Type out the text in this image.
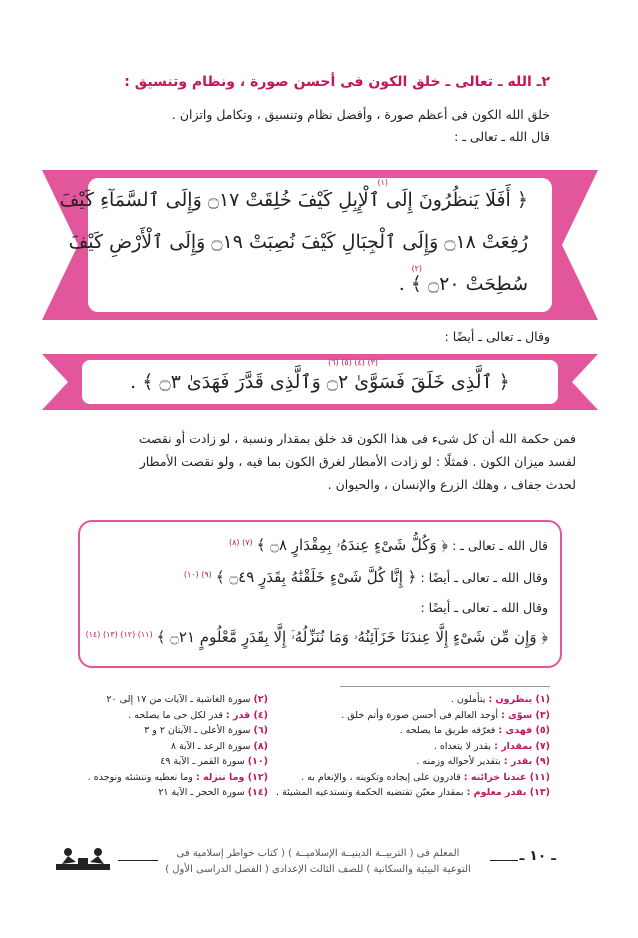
٢ـ الله ـ تعالى ـ خلق الكون فى أحسن صورة ، ونظام وتنسيق :
خلق الله الكون فى أعظم صورة ، وأفضل نظام وتنسيق ، وتكامل واتزان .
قال الله ـ تعالى ـ :
﴿ أَفَلَا يَنظُرُونَ إِلَى ٱلْإِبِلِ كَيْفَ خُلِقَتْ ۝١٧ وَإِلَى ٱلسَّمَآءِ كَيْفَ
رُفِعَتْ ۝١٨ وَإِلَى ٱلْجِبَالِ كَيْفَ نُصِبَتْ ۝١٩ وَإِلَى ٱلْأَرْضِ كَيْفَ
سُطِحَتْ ۝٢٠ ﴾ .
(١)
(٢)
وقال ـ تعالى ـ أيضًا :
﴿ ٱلَّذِى خَلَقَ فَسَوَّىٰ ۝٢ وَٱلَّذِى قَدَّرَ فَهَدَىٰ ۝٣ ﴾ .
(٣) (٤) (٥) (٦)
فمن حكمة الله أن كل شىء فى هذا الكون قد خلق بمقدار ونسبة ، لو زادت أو نقصت
لفسد ميزان الكون . فمثلًا : لو زادت الأمطار لغرق الكون بما فيه ، ولو نقصت الأمطار
لحدث جفاف ، وهلك الزرع والإنسان ، والحيوان .
قال الله ـ تعالى ـ : ﴿ وَكُلُّ شَىْءٍ عِندَهُۥ بِمِقْدَارٍ ۝٨ ﴾ $^{(٧) (٨)}$
وقال الله ـ تعالى ـ أيضًا : ﴿ إِنَّا كُلَّ شَىْءٍ خَلَقْنَٰهُ بِقَدَرٍ ۝٤٩ ﴾ $^{(٩) (١٠)}$
وقال الله ـ تعالى ـ أيضًا :
﴿ وَإِن مِّن شَىْءٍ إِلَّا عِندَنَا خَزَآئِنُهُۥ وَمَا نُنَزِّلُهُۥٓ إِلَّا بِقَدَرٍ مَّعْلُومٍ ۝٢١ ﴾ $^{(١١) (١٢) (١٣) (١٤)}$
(١) ينظرون : يتأملون .
(٣) سوّى : أوجد العالم فى أحسن صورة وأتم خلق .
(٥) فهدى : فعرّفه طريق ما يصلحه .
(٧) بمقدار : بقدر لا يتعداه .
(٩) بقدر : بتقدير لأحواله وزمنه .
(١١) عندنا خزائنه : قادرون على إيجاده وتكوينه ، والإنعام به .
(١٣) بقدر معلوم : بمقدار معيّن تقتضيه الحكمة وتستدعيه المشيئة .
(٢) سورة الغاشية ـ الآيات من ١٧ إلى ٢٠
(٤) قدر : قدر لكل حى ما يصلحه .
(٦) سورة الأعلى ـ الآيتان ٢ و ٣
(٨) سورة الرعد ـ الآية ٨
(١٠) سورة القمر ـ الآية ٤٩
(١٢) وما ننزله : وما نعطيه وننشئه ونوجده .
(١٤) سورة الحجر ـ الآية ٢١
المعلم فى ( التربيــة الدينيــة الإسلاميــة ) ( كتاب خواطر إسلامية فى
التوعية البيئية والسكانية ) للصف الثالث الإعدادى ( الفصل الدراسى الأول )
ـ ١٠ ـ
